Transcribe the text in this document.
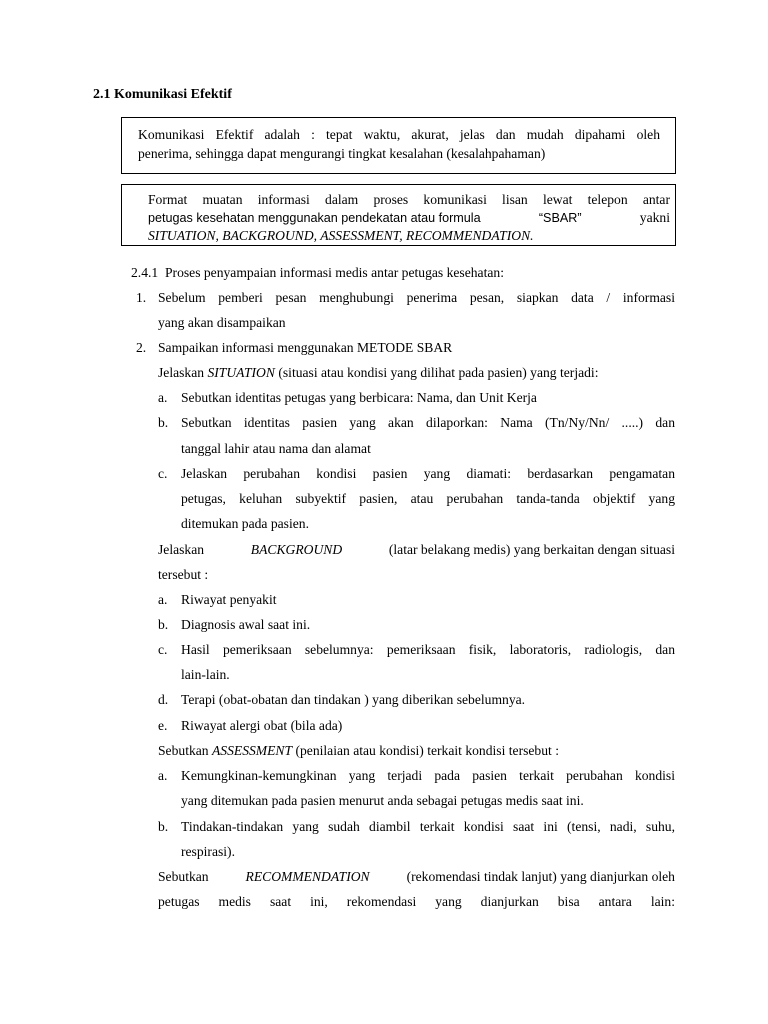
2.1 Komunikasi Efektif
Komunikasi Efektif adalah : tepat waktu, akurat, jelas dan mudah dipahami oleh
penerima, sehingga dapat mengurangi tingkat kesalahan (kesalahpahaman)
Format muatan informasi dalam proses komunikasi lisan lewat telepon antar
petugas kesehatan menggunakan pendekatan atau formula	“SBAR”	yakni
SITUATION, BACKGROUND, ASSESSMENT, RECOMMENDATION.
2.4.1 Proses penyampaian informasi medis antar petugas kesehatan:
1. Sebelum pemberi pesan menghubungi penerima pesan, siapkan data / informasi
yang akan disampaikan
2. Sampaikan informasi menggunakan METODE SBAR
Jelaskan SITUATION (situasi atau kondisi yang dilihat pada pasien) yang terjadi:
a. Sebutkan identitas petugas yang berbicara: Nama, dan Unit Kerja
b. Sebutkan identitas pasien yang akan dilaporkan: Nama (Tn/Ny/Nn/ .....) dan
tanggal lahir atau nama dan alamat
c. Jelaskan perubahan kondisi pasien yang diamati: berdasarkan pengamatan
petugas, keluhan subyektif pasien, atau perubahan tanda-tanda objektif yang
ditemukan pada pasien.
Jelaskan	BACKGROUND	(latar belakang medis) yang berkaitan dengan situasi
tersebut :
a. Riwayat penyakit
b. Diagnosis awal saat ini.
c. Hasil pemeriksaan sebelumnya: pemeriksaan fisik, laboratoris, radiologis, dan
lain-lain.
d. Terapi (obat-obatan dan tindakan ) yang diberikan sebelumnya.
e. Riwayat alergi obat (bila ada)
Sebutkan ASSESSMENT (penilaian atau kondisi) terkait kondisi tersebut :
a. Kemungkinan-kemungkinan yang terjadi pada pasien terkait perubahan kondisi
yang ditemukan pada pasien menurut anda sebagai petugas medis saat ini.
b. Tindakan-tindakan yang sudah diambil terkait kondisi saat ini (tensi, nadi, suhu,
respirasi).
Sebutkan	RECOMMENDATION	(rekomendasi tindak lanjut) yang dianjurkan oleh
petugas medis saat ini, rekomendasi yang dianjurkan bisa antara lain:
